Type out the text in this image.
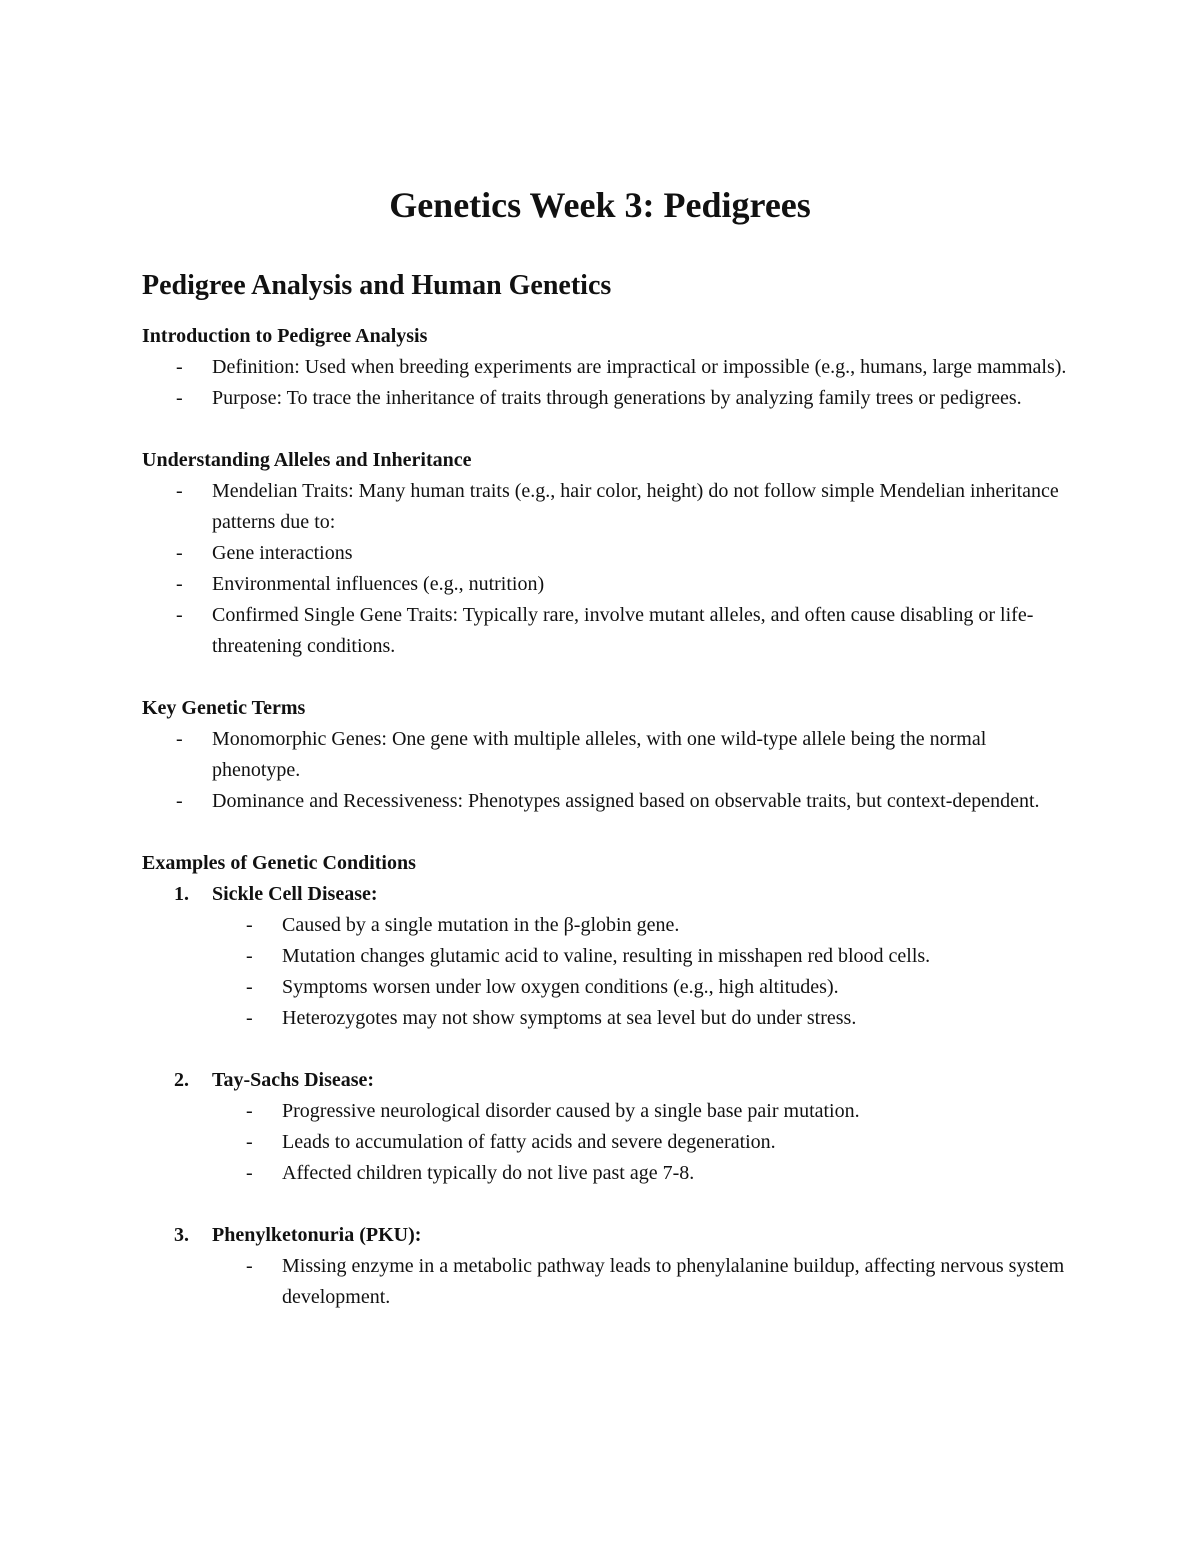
Genetics Week 3: Pedigrees
Pedigree Analysis and Human Genetics

Introduction to Pedigree Analysis

- Definition: Used when breeding experiments are impractical or impossible (e.g., humans, large mammals).
- Purpose: To trace the inheritance of traits through generations by analyzing family trees or pedigrees.

Understanding Alleles and Inheritance

- Mendelian Traits: Many human traits (e.g., hair color, height) do not follow simple Mendelian inheritance patterns due to:
- Gene interactions
- Environmental influences (e.g., nutrition)
- Confirmed Single Gene Traits: Typically rare, involve mutant alleles, and often cause disabling or life-threatening conditions.

Key Genetic Terms

- Monomorphic Genes: One gene with multiple alleles, with one wild-type allele being the normal phenotype.
- Dominance and Recessiveness: Phenotypes assigned based on observable traits, but context-dependent.

Examples of Genetic Conditions

1. Sickle Cell Disease:
- Caused by a single mutation in the β-globin gene.
- Mutation changes glutamic acid to valine, resulting in misshapen red blood cells.
- Symptoms worsen under low oxygen conditions (e.g., high altitudes).
- Heterozygotes may not show symptoms at sea level but do under stress.
2. Tay-Sachs Disease:
- Progressive neurological disorder caused by a single base pair mutation.
- Leads to accumulation of fatty acids and severe degeneration.
- Affected children typically do not live past age 7-8.
3. Phenylketonuria (PKU):
- Missing enzyme in a metabolic pathway leads to phenylalanine buildup, affecting nervous system development.
